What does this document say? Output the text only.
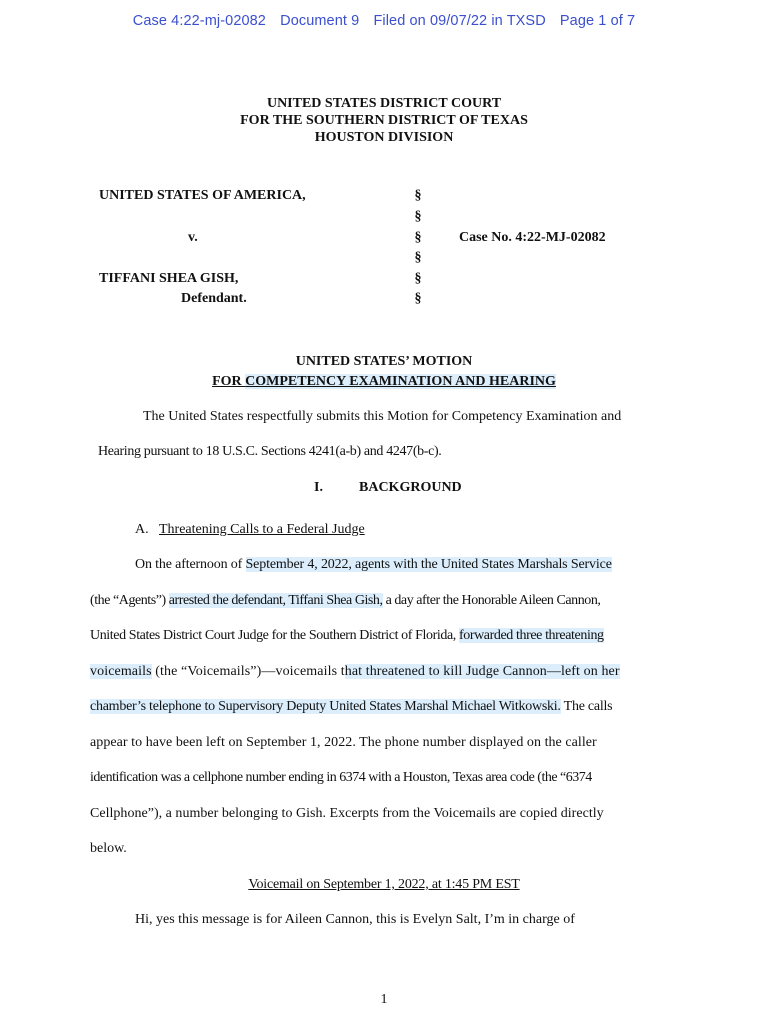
Case 4:22-mj-02082 Document 9 Filed on 09/07/22 in TXSD Page 1 of 7
UNITED STATES DISTRICT COURT
FOR THE SOUTHERN DISTRICT OF TEXAS
HOUSTON DIVISION
UNITED STATES OF AMERICA,
v.
TIFFANI SHEA GISH,
Defendant.
§
§
§
§
§
§
Case No. 4:22-MJ-02082
UNITED STATES’ MOTION
FOR COMPETENCY EXAMINATION AND HEARING
The United States respectfully submits this Motion for Competency Examination and
Hearing pursuant to 18 U.S.C. Sections 4241(a-b) and 4247(b-c).
I.	BACKGROUND
A. Threatening Calls to a Federal Judge
On the afternoon of September 4, 2022, agents with the United States Marshals Service
(the “Agents”) arrested the defendant, Tiffani Shea Gish, a day after the Honorable Aileen Cannon,
United States District Court Judge for the Southern District of Florida, forwarded three threatening
voicemails (the “Voicemails”)—voicemails that threatened to kill Judge Cannon—left on her
chamber’s telephone to Supervisory Deputy United States Marshal Michael Witkowski. The calls
appear to have been left on September 1, 2022. The phone number displayed on the caller
identification was a cellphone number ending in 6374 with a Houston, Texas area code (the “6374
Cellphone”), a number belonging to Gish. Excerpts from the Voicemails are copied directly
below.
Voicemail on September 1, 2022, at 1:45 PM EST
Hi, yes this message is for Aileen Cannon, this is Evelyn Salt, I’m in charge of
1
